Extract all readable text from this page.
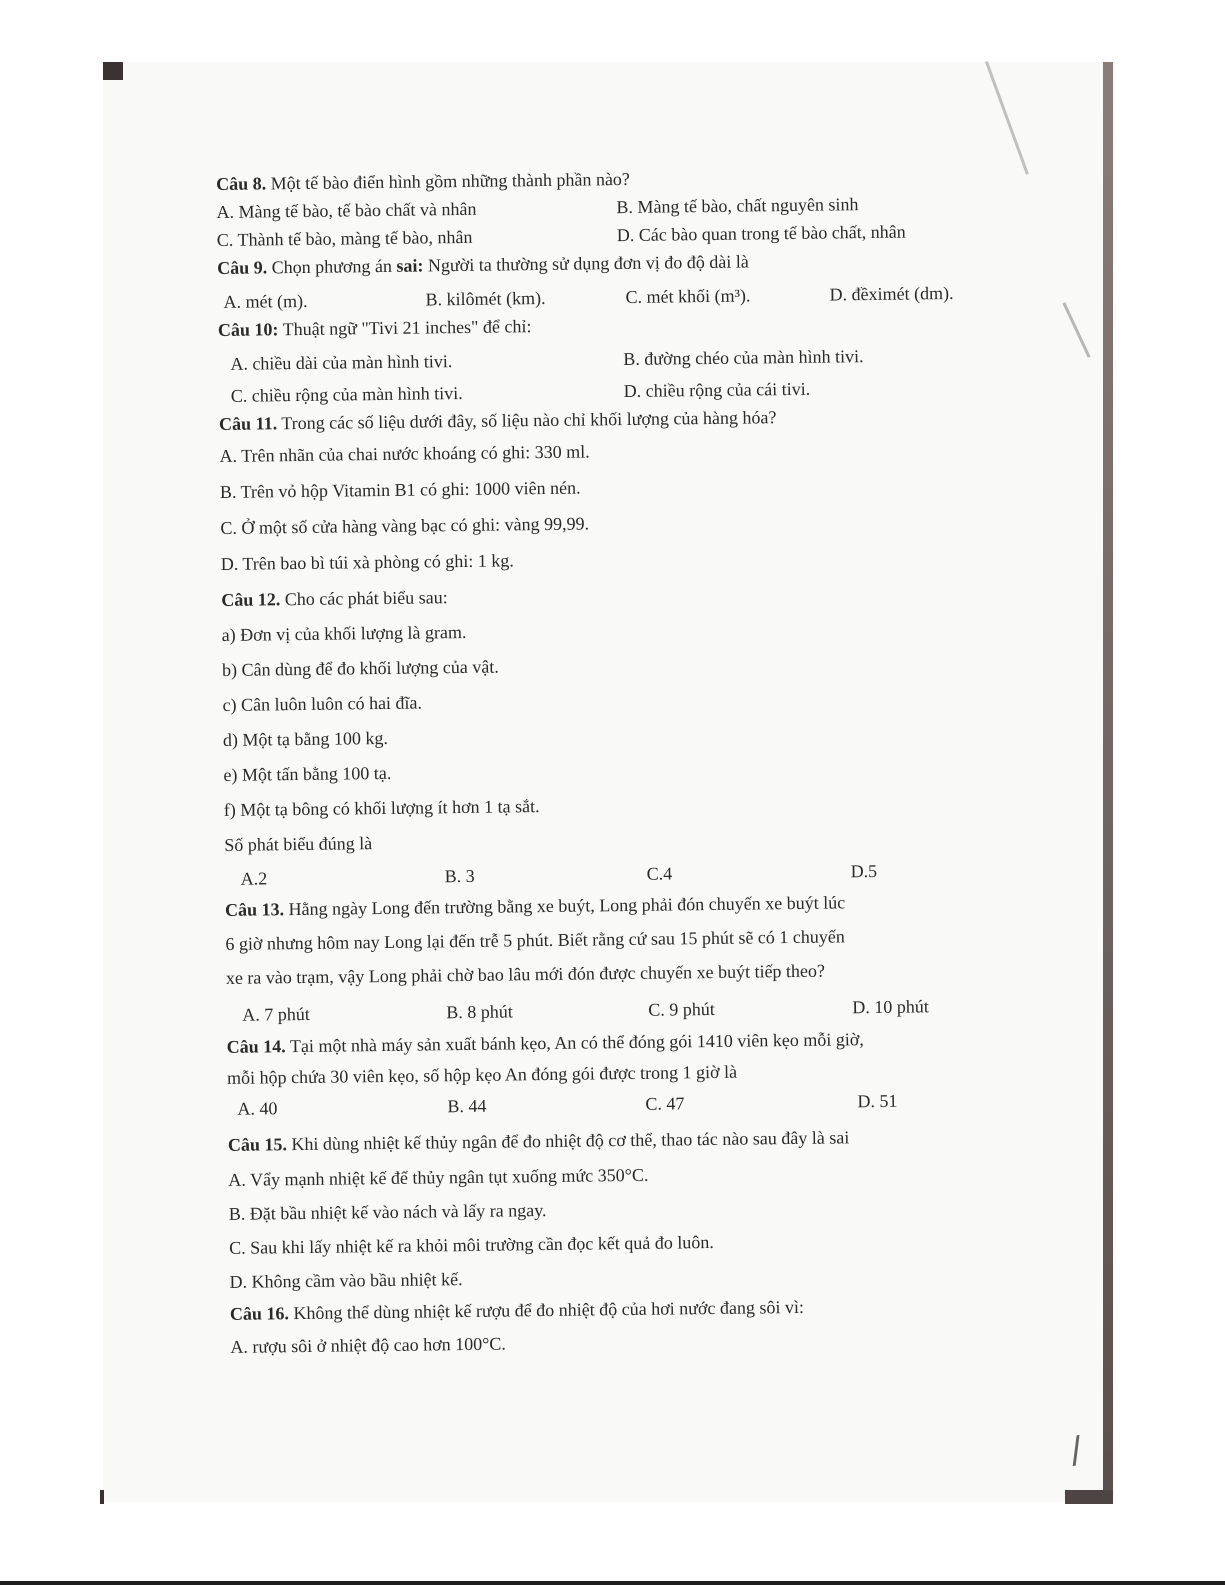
∕
Câu 8. Một tế bào điển hình gồm những thành phần nào?
A. Màng tế bào, tế bào chất và nhân	B. Màng tế bào, chất nguyên sinh
C. Thành tế bào, màng tế bào, nhân	D. Các bào quan trong tế bào chất, nhân
Câu 9. Chọn phương án sai: Người ta thường sử dụng đơn vị đo độ dài là
A. mét (m).	B. kilômét (km).	C. mét khối (m³).	D. đềximét (dm).
Câu 10: Thuật ngữ "Tivi 21 inches" để chỉ:
A. chiều dài của màn hình tivi.	B. đường chéo của màn hình tivi.
C. chiều rộng của màn hình tivi.	D. chiều rộng của cái tivi.
Câu 11. Trong các số liệu dưới đây, số liệu nào chỉ khối lượng của hàng hóa?
A. Trên nhãn của chai nước khoáng có ghi: 330 ml.
B. Trên vỏ hộp Vitamin B1 có ghi: 1000 viên nén.
C. Ở một số cửa hàng vàng bạc có ghi: vàng 99,99.
D. Trên bao bì túi xà phòng có ghi: 1 kg.
Câu 12. Cho các phát biểu sau:
a) Đơn vị của khối lượng là gram.
b) Cân dùng để đo khối lượng của vật.
c) Cân luôn luôn có hai đĩa.
d) Một tạ bằng 100 kg.
e) Một tấn bằng 100 tạ.
f) Một tạ bông có khối lượng ít hơn 1 tạ sắt.
Số phát biểu đúng là
A.2	B. 3	C.4	D.5
Câu 13. Hằng ngày Long đến trường bằng xe buýt, Long phải đón chuyến xe buýt lúc
6 giờ nhưng hôm nay Long lại đến trễ 5 phút. Biết rằng cứ sau 15 phút sẽ có 1 chuyến
xe ra vào trạm, vậy Long phải chờ bao lâu mới đón được chuyến xe buýt tiếp theo?
A. 7 phút	B. 8 phút	C. 9 phút	D. 10 phút
Câu 14. Tại một nhà máy sản xuất bánh kẹo, An có thể đóng gói 1410 viên kẹo mỗi giờ,
mỗi hộp chứa 30 viên kẹo, số hộp kẹo An đóng gói được trong 1 giờ là
A. 40	B. 44	C. 47	D. 51
Câu 15. Khi dùng nhiệt kế thủy ngân để đo nhiệt độ cơ thể, thao tác nào sau đây là sai
A. Vẩy mạnh nhiệt kế để thủy ngân tụt xuống mức 350°C.
B. Đặt bầu nhiệt kế vào nách và lấy ra ngay.
C. Sau khi lấy nhiệt kế ra khỏi môi trường cần đọc kết quả đo luôn.
D. Không cầm vào bầu nhiệt kế.
Câu 16. Không thể dùng nhiệt kế rượu để đo nhiệt độ của hơi nước đang sôi vì:
A. rượu sôi ở nhiệt độ cao hơn 100°C.
